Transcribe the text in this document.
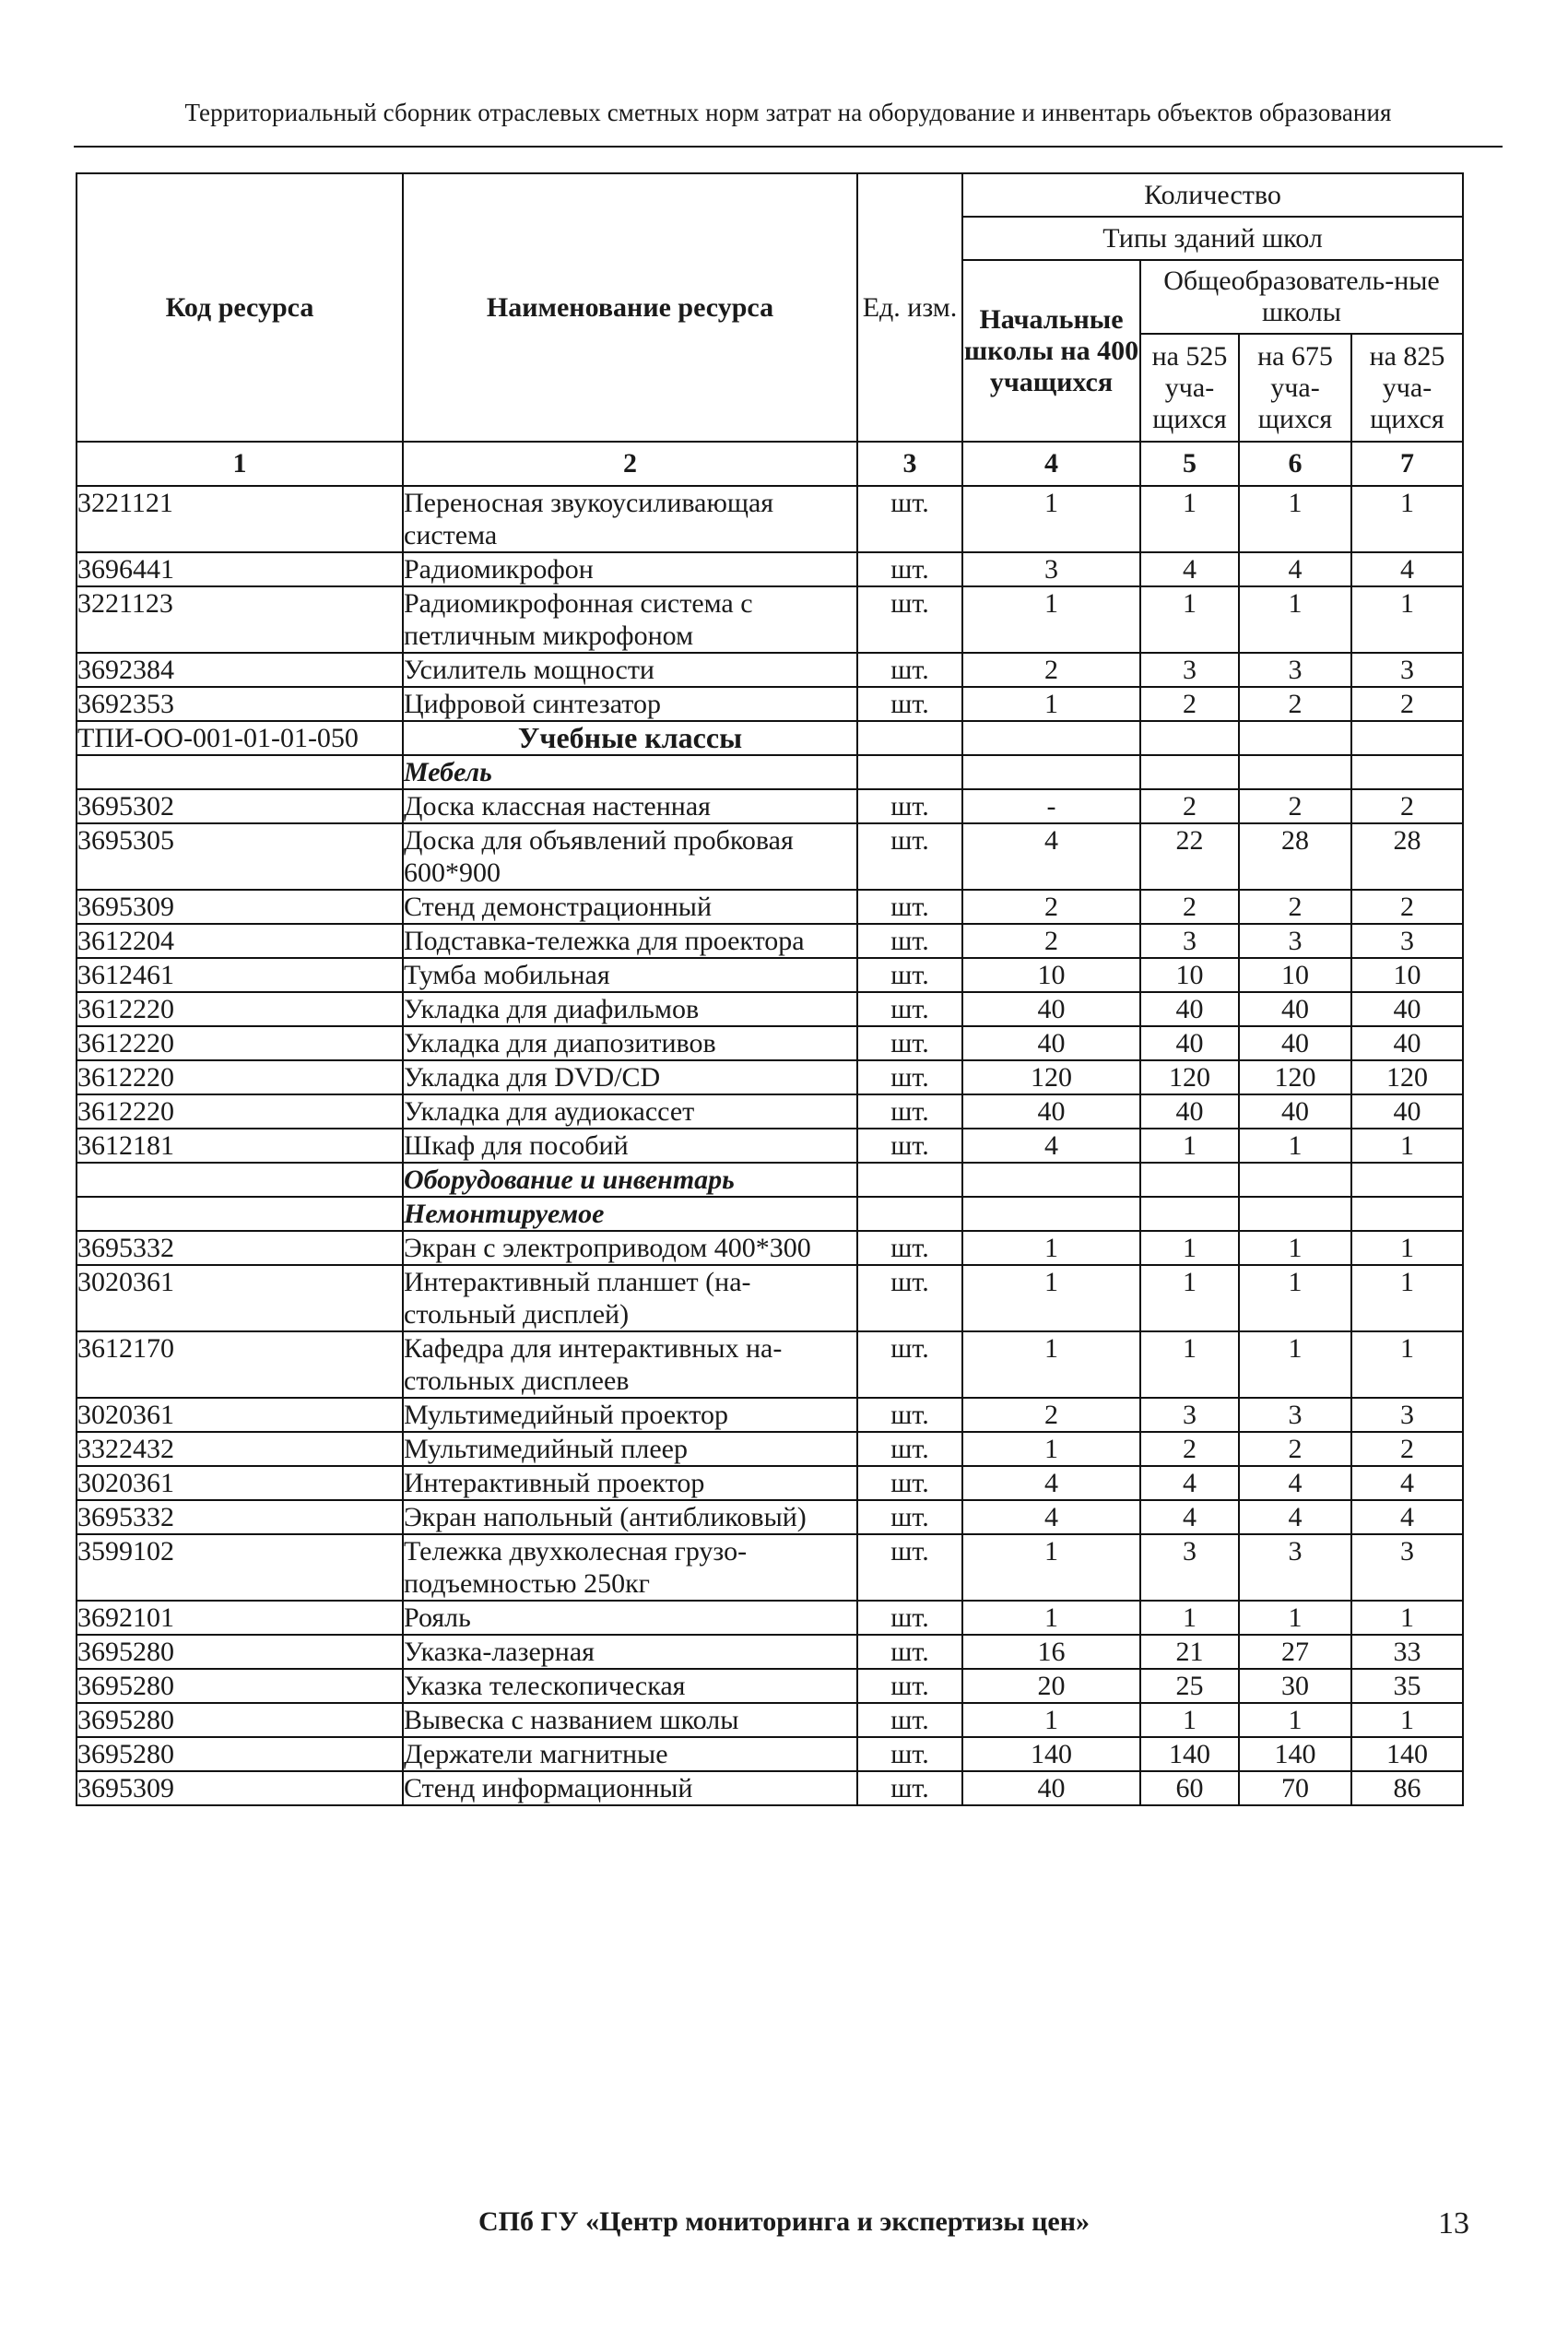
Территориальный сборник отраслевых сметных норм затрат на оборудование и инвентарь объектов образования
Код ресурса	Наименование ресурса	Ед. изм.	Количество			
			Типы зданий школ			
			Начальные школы на 400 учащихся	Общеобразователь-ные школы		
				на 525 уча-щихся	на 675 уча-щихся	на 825 уча-щихся
1	2	3	4	5	6	7
3221121	Переносная звукоусиливающая система	шт.	1	1	1	1
3696441	Радиомикрофон	шт.	3	4	4	4
3221123	Радиомикрофонная система с петличным микрофоном	шт.	1	1	1	1
3692384	Усилитель мощности	шт.	2	3	3	3
3692353	Цифровой синтезатор	шт.	1	2	2	2
ТПИ-ОО-001-01-01-050	Учебные классы					
	Мебель					
3695302	Доска классная настенная	шт.	-	2	2	2
3695305	Доска для объявлений пробковая 600*900	шт.	4	22	28	28
3695309	Стенд демонстрационный	шт.	2	2	2	2
3612204	Подставка-тележка для проектора	шт.	2	3	3	3
3612461	Тумба мобильная	шт.	10	10	10	10
3612220	Укладка для диафильмов	шт.	40	40	40	40
3612220	Укладка для диапозитивов	шт.	40	40	40	40
3612220	Укладка для DVD/CD	шт.	120	120	120	120
3612220	Укладка для аудиокассет	шт.	40	40	40	40
3612181	Шкаф для пособий	шт.	4	1	1	1
	Оборудование и инвентарь					
	Немонтируемое					
3695332	Экран с электроприводом 400*300	шт.	1	1	1	1
3020361	Интерактивный планшет (на-стольный дисплей)	шт.	1	1	1	1
3612170	Кафедра для интерактивных на-стольных дисплеев	шт.	1	1	1	1
3020361	Мультимедийный проектор	шт.	2	3	3	3
3322432	Мультимедийный плеер	шт.	1	2	2	2
3020361	Интерактивный проектор	шт.	4	4	4	4
3695332	Экран напольный (антибликовый)	шт.	4	4	4	4
3599102	Тележка двухколесная грузо-подъемностью 250кг	шт.	1	3	3	3
3692101	Рояль	шт.	1	1	1	1
3695280	Указка-лазерная	шт.	16	21	27	33
3695280	Указка телескопическая	шт.	20	25	30	35
3695280	Вывеска с названием школы	шт.	1	1	1	1
3695280	Держатели магнитные	шт.	140	140	140	140
3695309	Стенд информационный	шт.	40	60	70	86
СПб ГУ «Центр мониторинга и экспертизы цен»	13
